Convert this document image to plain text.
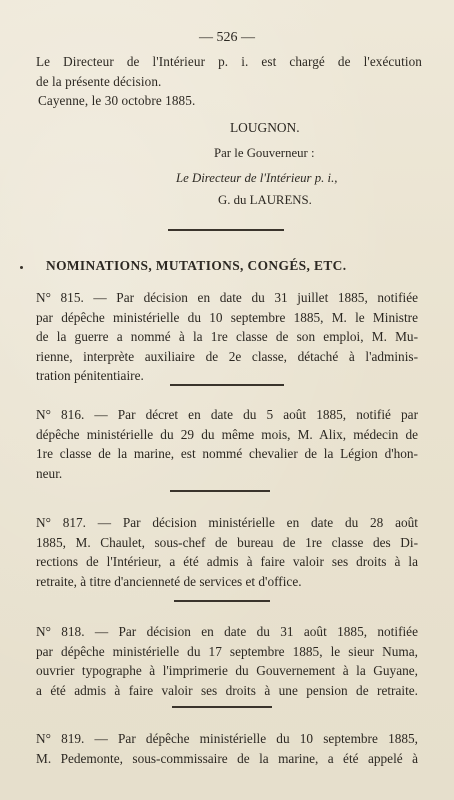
— 526 —
Le Directeur de l'Intérieur p. i. est chargé de l'exécution
de la présente décision.
Cayenne, le 30 octobre 1885.
LOUGNON.
Par le Gouverneur :
Le Directeur de l'Intérieur p. i.,
G. du LAURENS.
NOMINATIONS, MUTATIONS, CONGÉS, ETC.
N° 815. — Par décision en date du 31 juillet 1885, notifiée
par dépêche ministérielle du 10 septembre 1885, M. le Ministre
de la guerre a nommé à la 1re classe de son emploi, M. Mu-
rienne, interprète auxiliaire de 2e classe, détaché à l'adminis-
tration pénitentiaire.
N° 816. — Par décret en date du 5 août 1885, notifié par
dépêche ministérielle du 29 du même mois, M. Alix, médecin de
1re classe de la marine, est nommé chevalier de la Légion d'hon-
neur.
N° 817. — Par décision ministérielle en date du 28 août
1885, M. Chaulet, sous-chef de bureau de 1re classe des Di-
rections de l'Intérieur, a été admis à faire valoir ses droits à la
retraite, à titre d'ancienneté de services et d'office.
N° 818. — Par décision en date du 31 août 1885, notifiée
par dépêche ministérielle du 17 septembre 1885, le sieur Numa,
ouvrier typographe à l'imprimerie du Gouvernement à la Guyane,
a été admis à faire valoir ses droits à une pension de retraite.
N° 819. — Par dépêche ministérielle du 10 septembre 1885,
M. Pedemonte, sous-commissaire de la marine, a été appelé à
